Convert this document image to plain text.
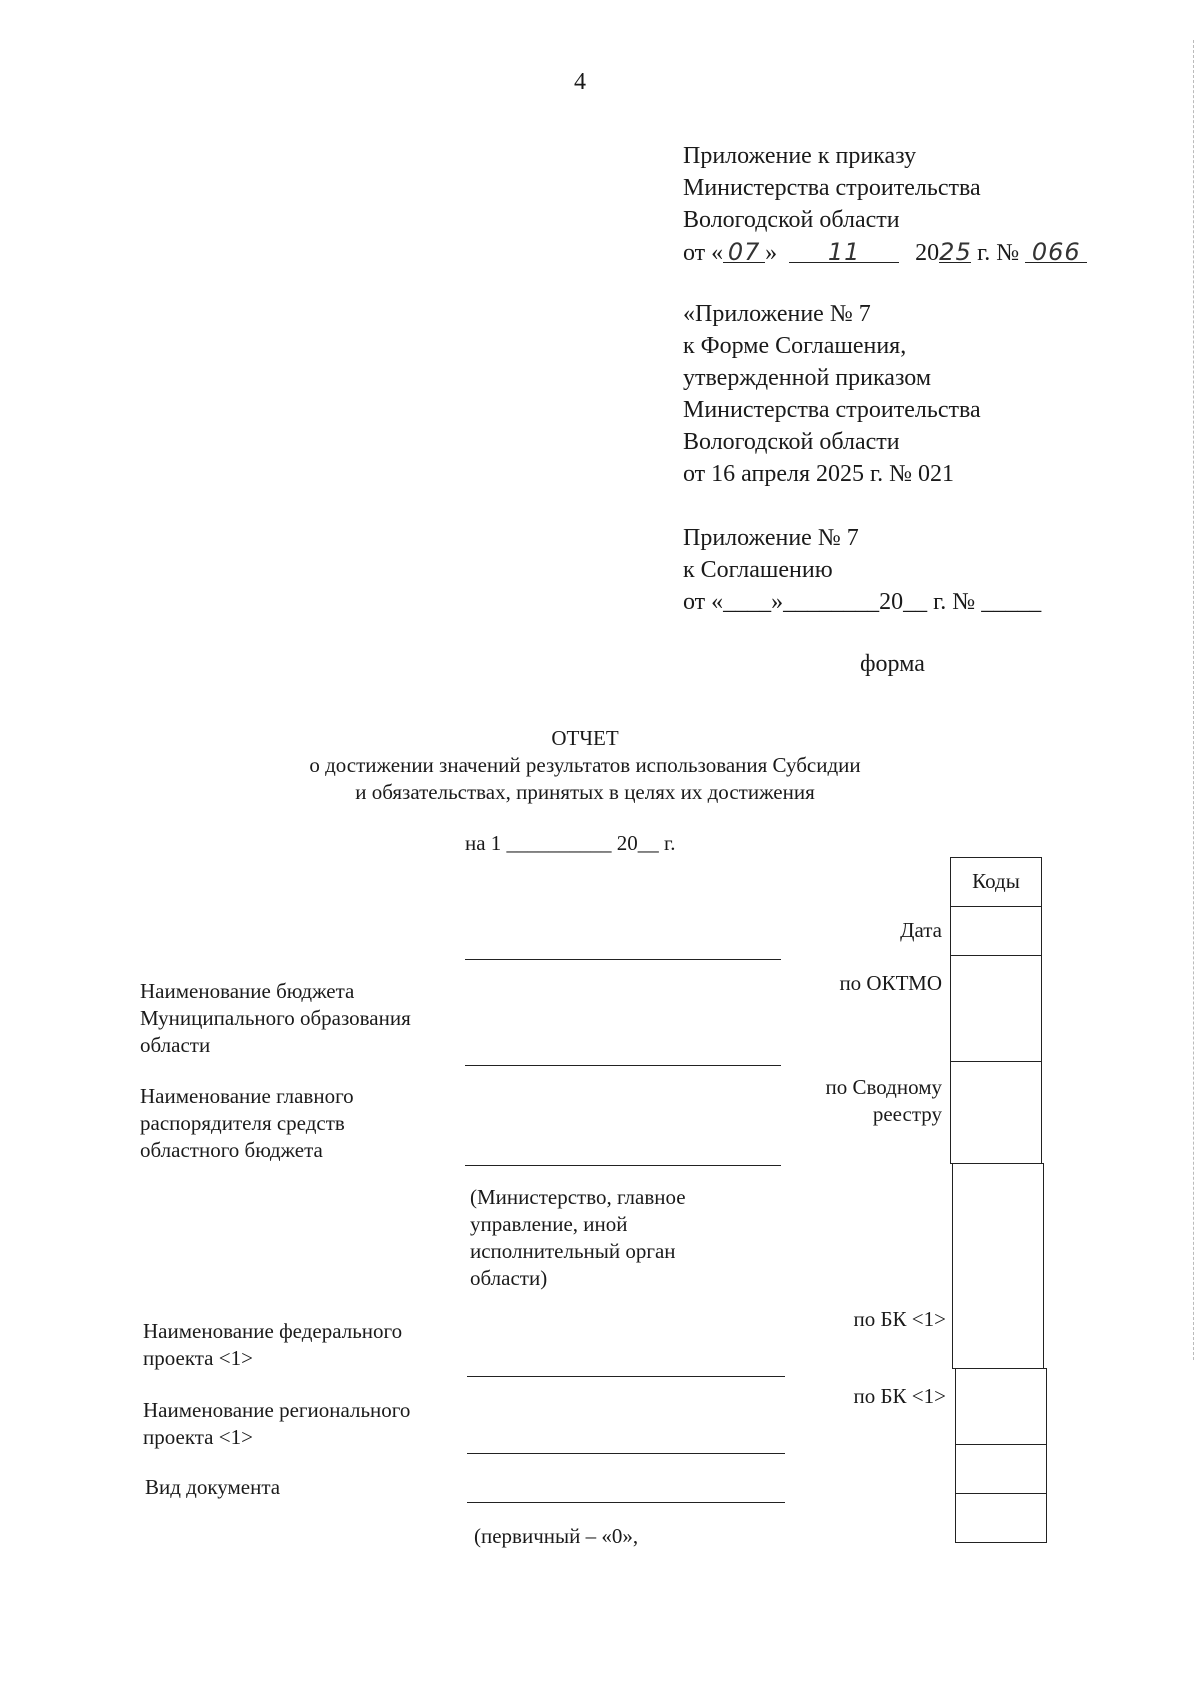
4
Приложение к приказу
Министерства строительства
Вологодской области
от « 07 » 11 2025 г. № 066
«Приложение № 7
к Форме Соглашения,
утвержденной приказом
Министерства строительства
Вологодской области
от 16 апреля 2025 г. № 021
Приложение № 7
к Соглашению
от «____»________20__ г. № _____
форма
ОТЧЕТ
о достижении значений результатов использования Субсидии
и обязательствах, принятых в целях их достижения
на 1 __________ 20__ г.
Коды
Дата
по ОКТМО
по Сводному
реестру
по БК <1>
по БК <1>
Наименование бюджета
Муниципального образования
области
Наименование главного
распорядителя средств
областного бюджета
(Министерство, главное
управление, иной
исполнительный орган
области)
Наименование федерального
проекта <1>
Наименование регионального
проекта <1>
Вид документа
(первичный – «0»,
